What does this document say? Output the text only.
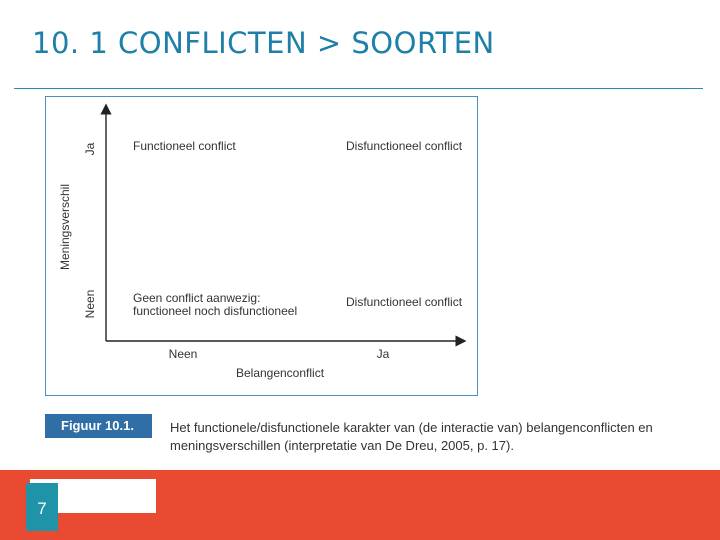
10. 1 CONFLICTEN > SOORTEN
Meningsverschil
Ja
Neen
Neen	Ja
Belangenconflict
Functioneel conflict	Disfunctioneel conflict
Geen conflict aanwezig:
functioneel noch disfunctioneel
Disfunctioneel conflict
Figuur 10.1.	Het functionele/disfunctionele karakter van (de interactie van) belangenconflicten en meningsverschillen (interpretatie van De Dreu, 2005, p. 17).
7
